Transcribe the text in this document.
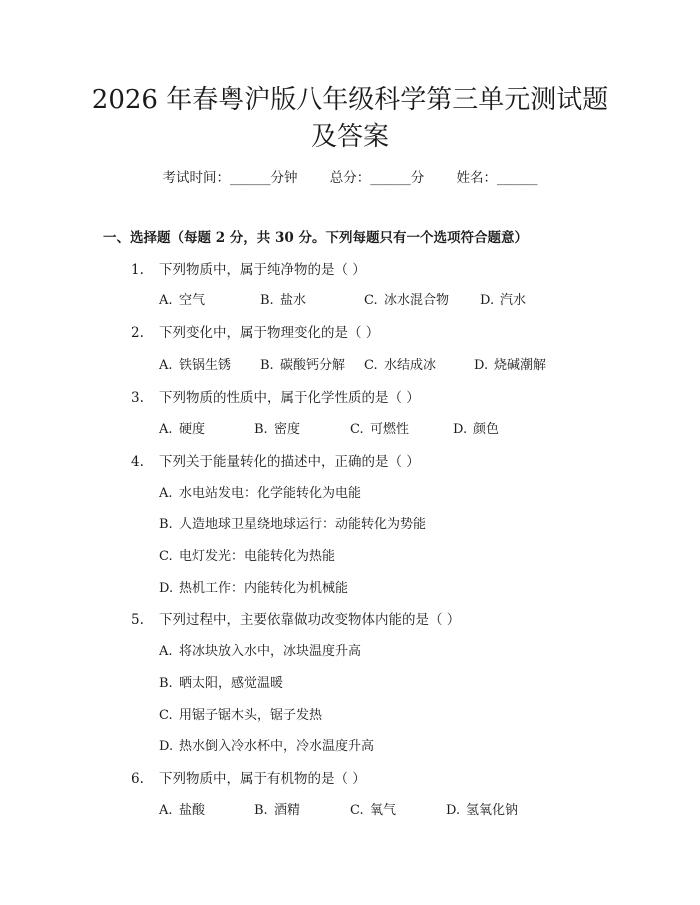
2026 年春粤沪版八年级科学第三单元测试题
及答案
考试时间：______分钟 总分：______分 姓名：______
一、选择题（每题 2 分，共 30 分。下列每题只有一个选项符合题意）
1. 下列物质中，属于纯净物的是（ ）
A. 空气	B. 盐水	C. 冰水混合物 D. 汽水
2. 下列变化中，属于物理变化的是（ ）
A. 铁锅生锈 B. 碳酸钙分解 C. 水结成冰	D. 烧碱潮解
3. 下列物质的性质中，属于化学性质的是（ ）
A. 硬度	B. 密度	C. 可燃性	D. 颜色
4. 下列关于能量转化的描述中，正确的是（ ）
A. 水电站发电：化学能转化为电能
B. 人造地球卫星绕地球运行：动能转化为势能
C. 电灯发光：电能转化为热能
D. 热机工作：内能转化为机械能
5. 下列过程中，主要依靠做功改变物体内能的是（ ）
A. 将冰块放入水中，冰块温度升高
B. 晒太阳，感觉温暖
C. 用锯子锯木头，锯子发热
D. 热水倒入冷水杯中，冷水温度升高
6. 下列物质中，属于有机物的是（ ）
A. 盐酸	B. 酒精	C. 氧气	D. 氢氧化钠
